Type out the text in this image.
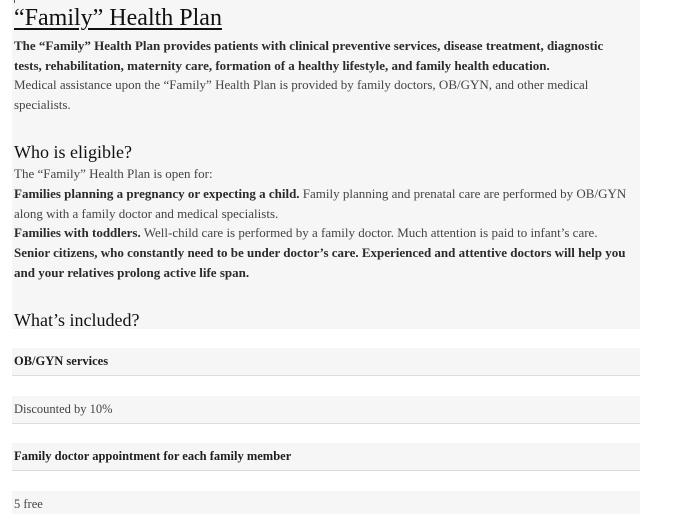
“Family” Health Plan

The “Family” Health Plan provides patients with clinical preventive services, disease treatment, diagnostic tests, rehabilitation, maternity care, formation of a healthy lifestyle, and family health education.

Medical assistance upon the “Family” Health Plan is provided by family doctors, OB/GYN, and other medical specialists.

Who is eligible?

The “Family” Health Plan is open for:

Families planning a pregnancy or expecting a child. Family planning and prenatal care are performed by OB/GYN along with a family doctor and medical specialists.

Families with toddlers. Well-child care is performed by a family doctor. Much attention is paid to infant’s care.

Senior citizens, who constantly need to be under doctor’s care. Experienced and attentive doctors will help you and your relatives prolong active life span.

What’s included?
OB/GYN services
Discounted by 10%
Family doctor appointment for each family member
5 free
